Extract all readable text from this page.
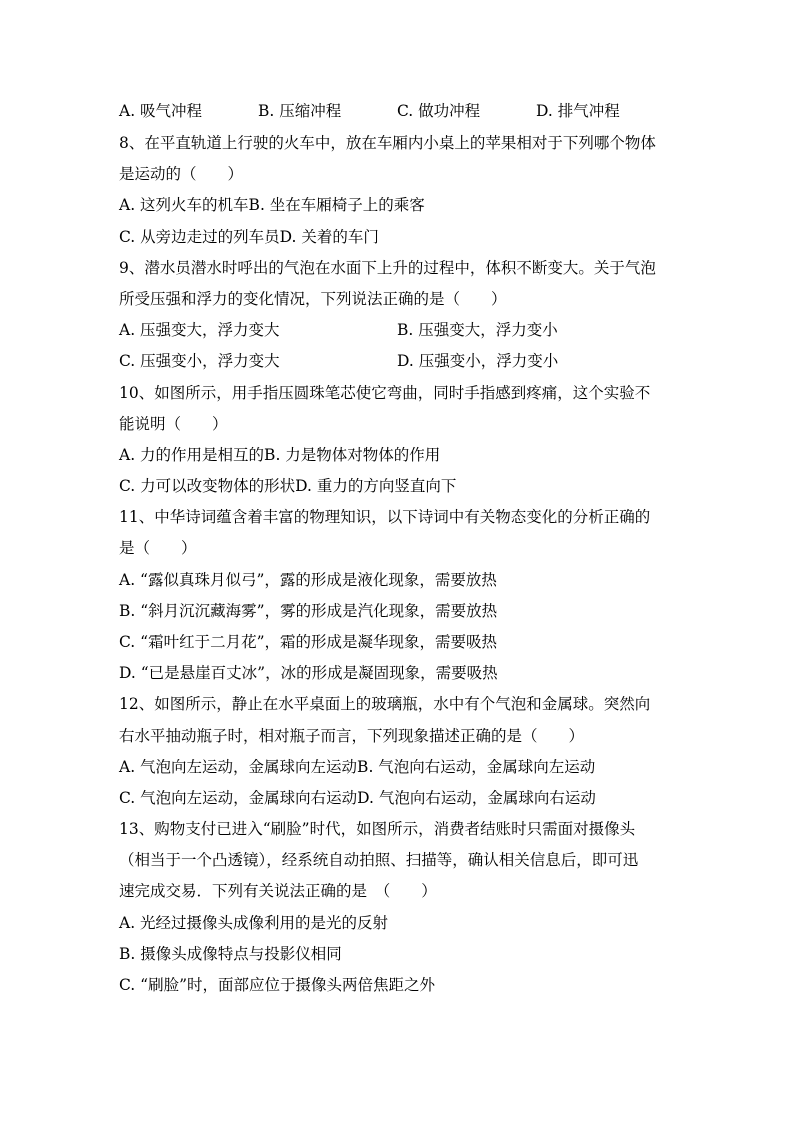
A. 吸气冲程	B. 压缩冲程	C. 做功冲程	D. 排气冲程
8、在平直轨道上行驶的火车中，放在车厢内小桌上的苹果相对于下列哪个物体
是运动的（　　）
A. 这列火车的机车B. 坐在车厢椅子上的乘客
C. 从旁边走过的列车员D. 关着的车门
9、潜水员潜水时呼出的气泡在水面下上升的过程中，体积不断变大。关于气泡
所受压强和浮力的变化情况，下列说法正确的是（　　）
A. 压强变大，浮力变大	B. 压强变大，浮力变小
C. 压强变小，浮力变大	D. 压强变小，浮力变小
10、如图所示，用手指压圆珠笔芯使它弯曲，同时手指感到疼痛，这个实验不
能说明（　　）
A. 力的作用是相互的B. 力是物体对物体的作用
C. 力可以改变物体的形状D. 重力的方向竖直向下
11、中华诗词蕴含着丰富的物理知识，以下诗词中有关物态变化的分析正确的
是（　　）
A. “露似真珠月似弓”，露的形成是液化现象，需要放热
B. “斜月沉沉藏海雾”，雾的形成是汽化现象，需要放热
C. “霜叶红于二月花”，霜的形成是凝华现象，需要吸热
D. “已是悬崖百丈冰”，冰的形成是凝固现象，需要吸热
12、如图所示，静止在水平桌面上的玻璃瓶，水中有个气泡和金属球。突然向
右水平抽动瓶子时，相对瓶子而言，下列现象描述正确的是（　　）
A. 气泡向左运动，金属球向左运动B. 气泡向右运动，金属球向左运动
C. 气泡向左运动，金属球向右运动D. 气泡向右运动，金属球向右运动
13、购物支付已进入“刷脸”时代，如图所示，消费者结账时只需面对摄像头
（相当于一个凸透镜），经系统自动拍照、扫描等，确认相关信息后，即可迅
速完成交易．下列有关说法正确的是　（　　）
A. 光经过摄像头成像利用的是光的反射
B. 摄像头成像特点与投影仪相同
C. “刷脸”时，面部应位于摄像头两倍焦距之外
